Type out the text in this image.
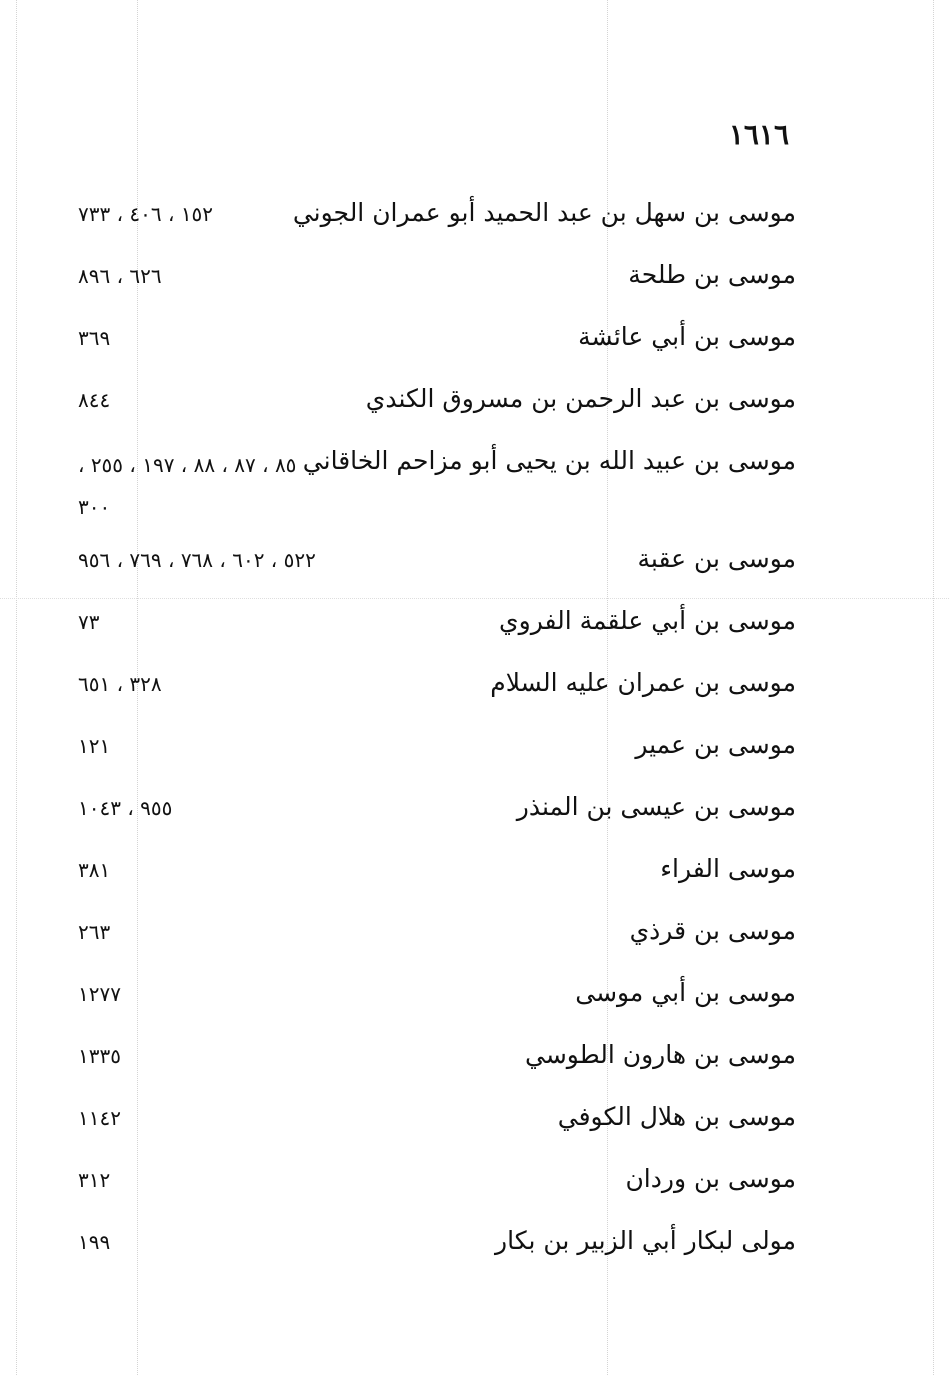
١٦١٦
موسى بن سهل بن عبد الحميد أبو عمران الجوني
١٥٢ ، ٤٠٦ ، ٧٣٣
موسى بن طلحة
٦٢٦ ، ٨٩٦
موسى بن أبي عائشة
٣٦٩
موسى بن عبد الرحمن بن مسروق الكندي
٨٤٤
موسى بن عبيد الله بن يحيى أبو مزاحم الخاقاني
٨٥ ، ٨٧ ، ٨٨ ، ١٩٧ ، ٢٥٥ ، ٣٠٠
موسى بن عقبة
٥٢٢ ، ٦٠٢ ، ٧٦٨ ، ٧٦٩ ، ٩٥٦
موسى بن أبي علقمة الفروي
٧٣
موسى بن عمران عليه السلام
٣٢٨ ، ٦٥١
موسى بن عمير
١٢١
موسى بن عيسى بن المنذر
٩٥٥ ، ١٠٤٣
موسى الفراء
٣٨١
موسى بن قرذي
٢٦٣
موسى بن أبي موسى
١٢٧٧
موسى بن هارون الطوسي
١٣٣٥
موسى بن هلال الكوفي
١١٤٢
موسى بن وردان
٣١٢
مولى لبكار أبي الزبير بن بكار
١٩٩
